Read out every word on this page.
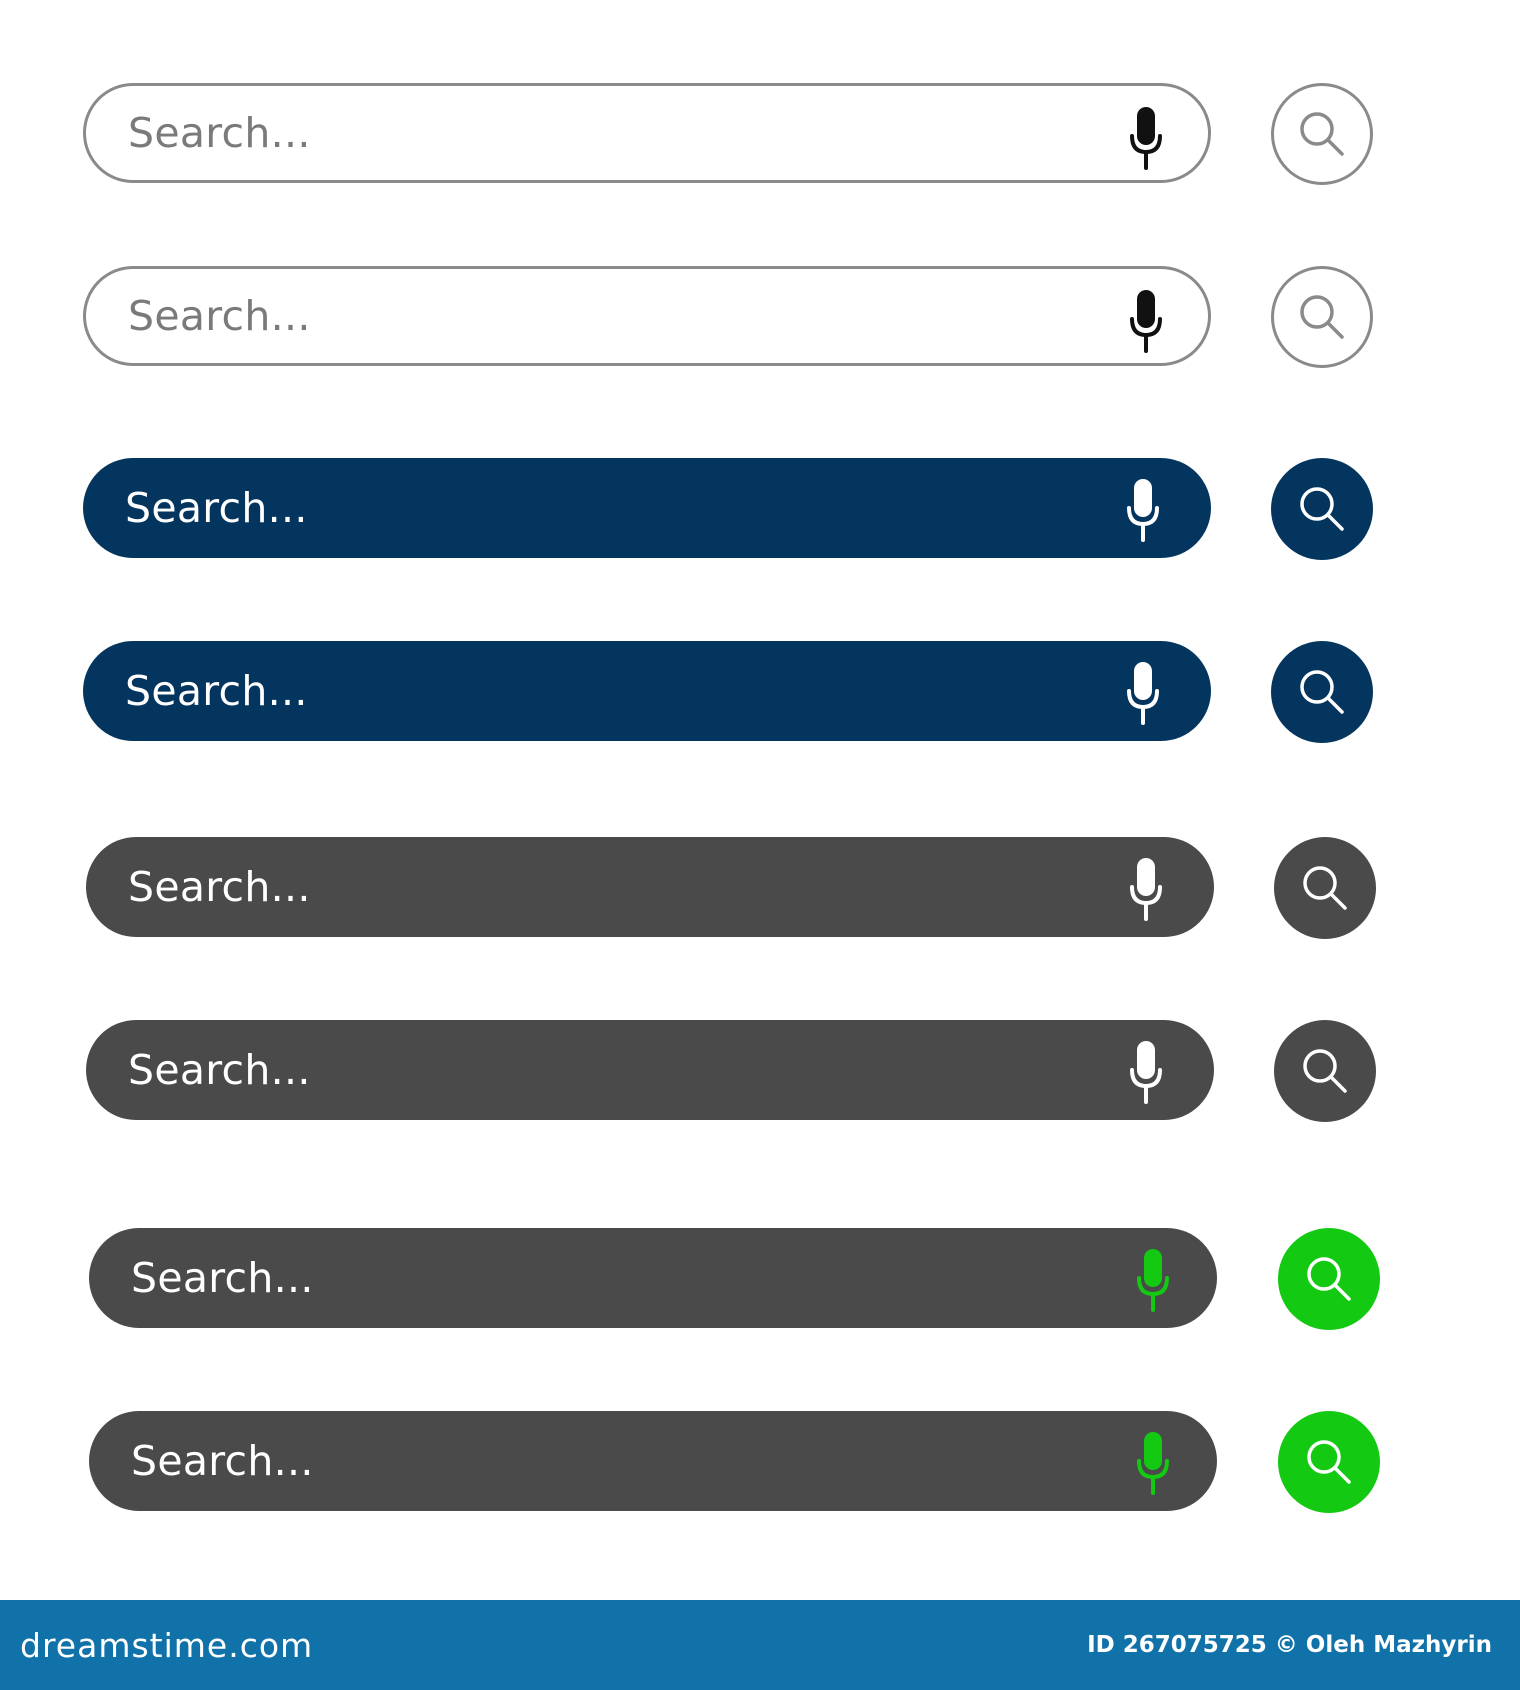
Search...
Search...
Search...
Search...
Search...
Search...
Search...
Search...
dreamstime.com	ID 267075725 © Oleh Mazhyrin
